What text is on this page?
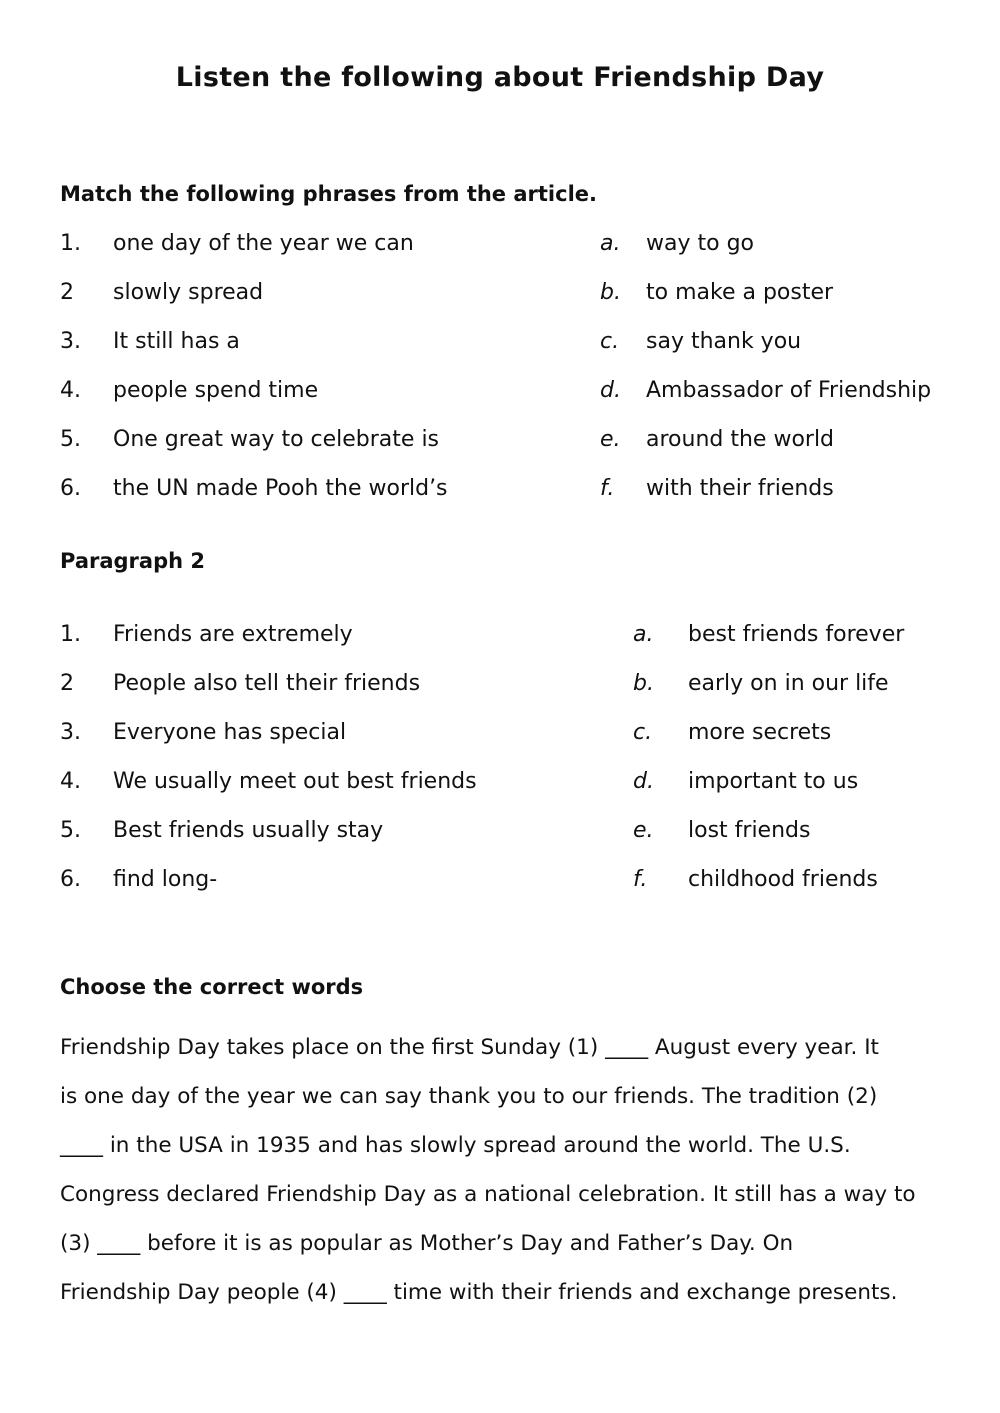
Listen the following about Friendship Day
Match the following phrases from the article.
1. one day of the year we can	a. way to go
2 slowly spread	b. to make a poster
3. It still has a	c. say thank you
4. people spend time	d. Ambassador of Friendship
5. One great way to celebrate is	e. around the world
6. the UN made Pooh the world’s	f. with their friends
Paragraph 2
1. Friends are extremely	a. best friends forever
2 People also tell their friends	b. early on in our life
3. Everyone has special	c. more secrets
4. We usually meet out best friends	d. important to us
5. Best friends usually stay	e. lost friends
6. find long-	f. childhood friends
Choose the correct words
Friendship Day takes place on the first Sunday (1) ____ August every year. It
is one day of the year we can say thank you to our friends. The tradition (2)
____ in the USA in 1935 and has slowly spread around the world. The U.S.
Congress declared Friendship Day as a national celebration. It still has a way to
(3) ____ before it is as popular as Mother’s Day and Father’s Day. On
Friendship Day people (4) ____ time with their friends and exchange presents.
